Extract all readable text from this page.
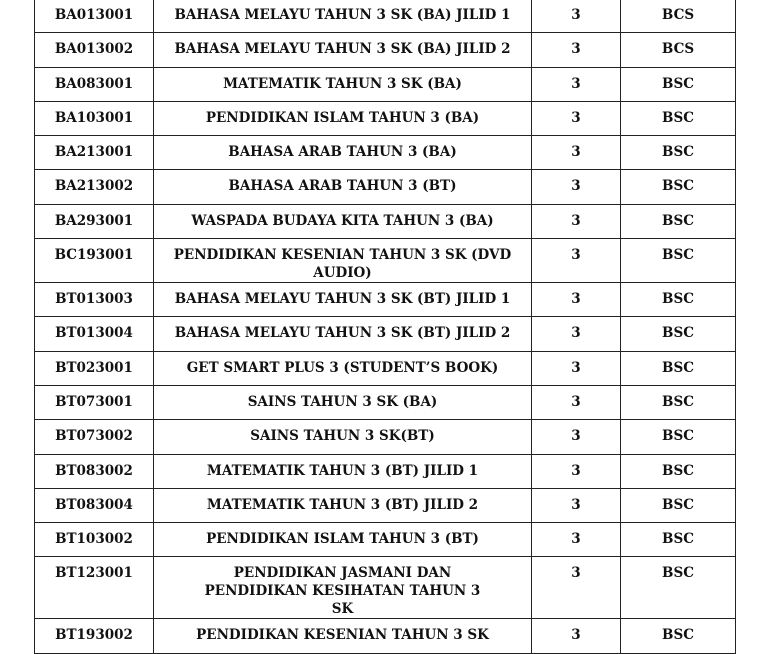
BA013001	BAHASA MELAYU TAHUN 3 SK (BA) JILID 1	3	BCS
BA013002	BAHASA MELAYU TAHUN 3 SK (BA) JILID 2	3	BCS
BA083001	MATEMATIK TAHUN 3 SK (BA)	3	BSC
BA103001	PENDIDIKAN ISLAM TAHUN 3 (BA)	3	BSC
BA213001	BAHASA ARAB TAHUN 3 (BA)	3	BSC
BA213002	BAHASA ARAB TAHUN 3 (BT)	3	BSC
BA293001	WASPADA BUDAYA KITA TAHUN 3 (BA)	3	BSC
BC193001	PENDIDIKAN KESENIAN TAHUN 3 SK (DVD AUDIO)	3	BSC
BT013003	BAHASA MELAYU TAHUN 3 SK (BT) JILID 1	3	BSC
BT013004	BAHASA MELAYU TAHUN 3 SK (BT) JILID 2	3	BSC
BT023001	GET SMART PLUS 3 (STUDENT’S BOOK)	3	BSC
BT073001	SAINS TAHUN 3 SK (BA)	3	BSC
BT073002	SAINS TAHUN 3 SK(BT)	3	BSC
BT083002	MATEMATIK TAHUN 3 (BT) JILID 1	3	BSC
BT083004	MATEMATIK TAHUN 3 (BT) JILID 2	3	BSC
BT103002	PENDIDIKAN ISLAM TAHUN 3 (BT)	3	BSC
BT123001	PENDIDIKAN JASMANI DAN PENDIDIKAN KESIHATAN TAHUN 3 SK	3	BSC
BT193002	PENDIDIKAN KESENIAN TAHUN 3 SK	3	BSC
